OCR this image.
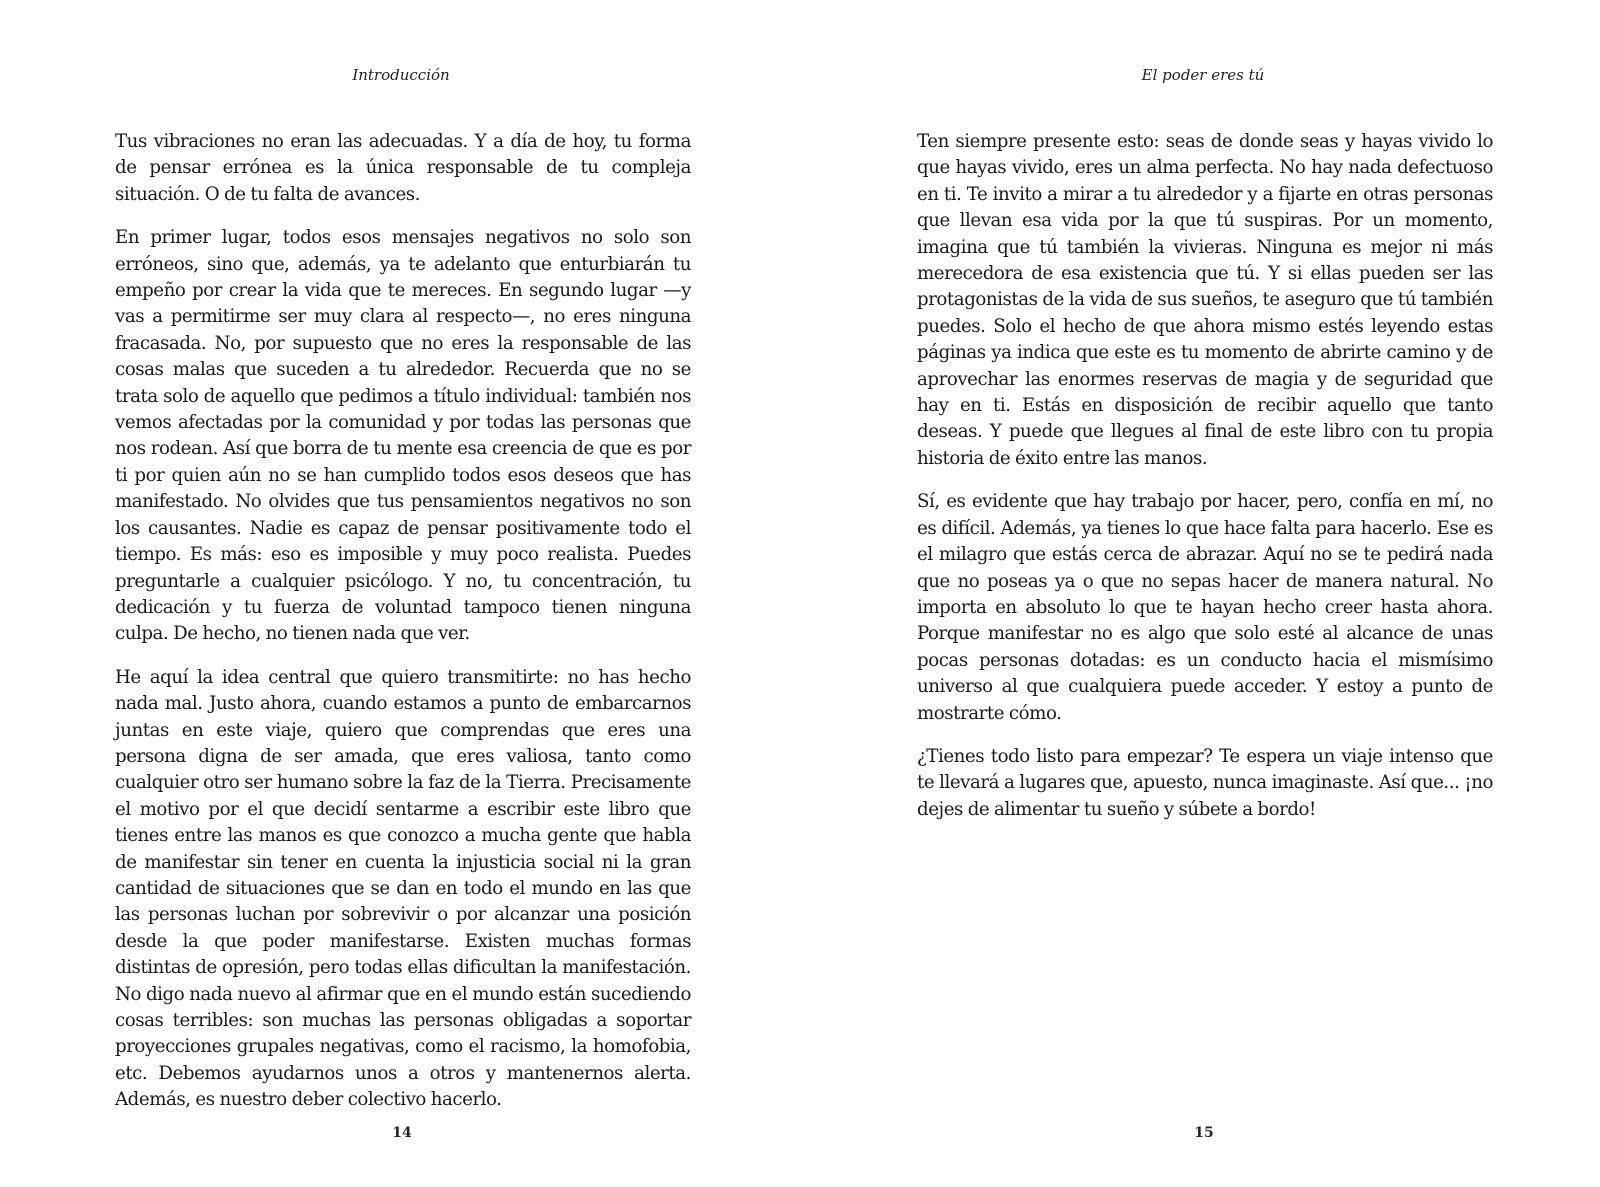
Introducción

Tus vibraciones no eran las adecuadas. Y a día de hoy, tu forma de pensar errónea es la única responsable de tu compleja situación. O de tu falta de avances.

En primer lugar, todos esos mensajes negativos no solo son erróneos, sino que, además, ya te adelanto que enturbiarán tu empeño por crear la vida que te mereces. En segundo lugar —y vas a permitirme ser muy clara al respecto—, no eres ninguna fracasada. No, por supuesto que no eres la responsable de las cosas malas que suceden a tu alrededor. Recuerda que no se trata solo de aquello que pedimos a título individual: también nos vemos afectadas por la comunidad y por todas las personas que nos rodean. Así que borra de tu mente esa creencia de que es por ti por quien aún no se han cumplido todos esos deseos que has manifestado. No olvides que tus pensamientos negativos no son los causantes. Nadie es capaz de pensar positivamente todo el tiempo. Es más: eso es imposible y muy poco realista. Puedes preguntarle a cualquier psicólogo. Y no, tu concentración, tu dedicación y tu fuerza de voluntad tampoco tienen ninguna culpa. De hecho, no tienen nada que ver.

He aquí la idea central que quiero transmitirte: no has hecho nada mal. Justo ahora, cuando estamos a punto de embarcarnos juntas en este viaje, quiero que comprendas que eres una persona digna de ser amada, que eres valiosa, tanto como cualquier otro ser humano sobre la faz de la Tierra. Precisamente el motivo por el que decidí sentarme a escribir este libro que tienes entre las manos es que conozco a mucha gente que habla de manifestar sin tener en cuenta la injusticia social ni la gran cantidad de situaciones que se dan en todo el mundo en las que las personas luchan por sobrevivir o por alcanzar una posición desde la que poder manifestarse. Existen muchas formas distintas de opresión, pero todas ellas dificultan la manifestación. No digo nada nuevo al afirmar que en el mundo están sucediendo cosas terribles: son muchas las personas obligadas a soportar proyecciones grupales negativas, como el racismo, la homofobia, etc. Debemos ayudarnos unos a otros y mantenernos alerta. Además, es nuestro deber colectivo hacerlo.

14
El poder eres tú

Ten siempre presente esto: seas de donde seas y hayas vivido lo que hayas vivido, eres un alma perfecta. No hay nada defectuoso en ti. Te invito a mirar a tu alrededor y a fijarte en otras personas que llevan esa vida por la que tú suspiras. Por un momento, imagina que tú también la vivieras. Ninguna es mejor ni más merecedora de esa existencia que tú. Y si ellas pueden ser las protagonistas de la vida de sus sueños, te aseguro que tú también puedes. Solo el hecho de que ahora mismo estés leyendo estas páginas ya indica que este es tu momento de abrirte camino y de aprovechar las enormes reservas de magia y de seguridad que hay en ti. Estás en disposición de recibir aquello que tanto deseas. Y puede que llegues al final de este libro con tu propia historia de éxito entre las manos.

Sí, es evidente que hay trabajo por hacer, pero, confía en mí, no es difícil. Además, ya tienes lo que hace falta para hacerlo. Ese es el milagro que estás cerca de abrazar. Aquí no se te pedirá nada que no poseas ya o que no sepas hacer de manera natural. No importa en absoluto lo que te hayan hecho creer hasta ahora. Porque manifestar no es algo que solo esté al alcance de unas pocas personas dotadas: es un conducto hacia el mismísimo universo al que cualquiera puede acceder. Y estoy a punto de mostrarte cómo.

¿Tienes todo listo para empezar? Te espera un viaje intenso que te llevará a lugares que, apuesto, nunca imaginaste. Así que... ¡no dejes de alimentar tu sueño y súbete a bordo!

15
